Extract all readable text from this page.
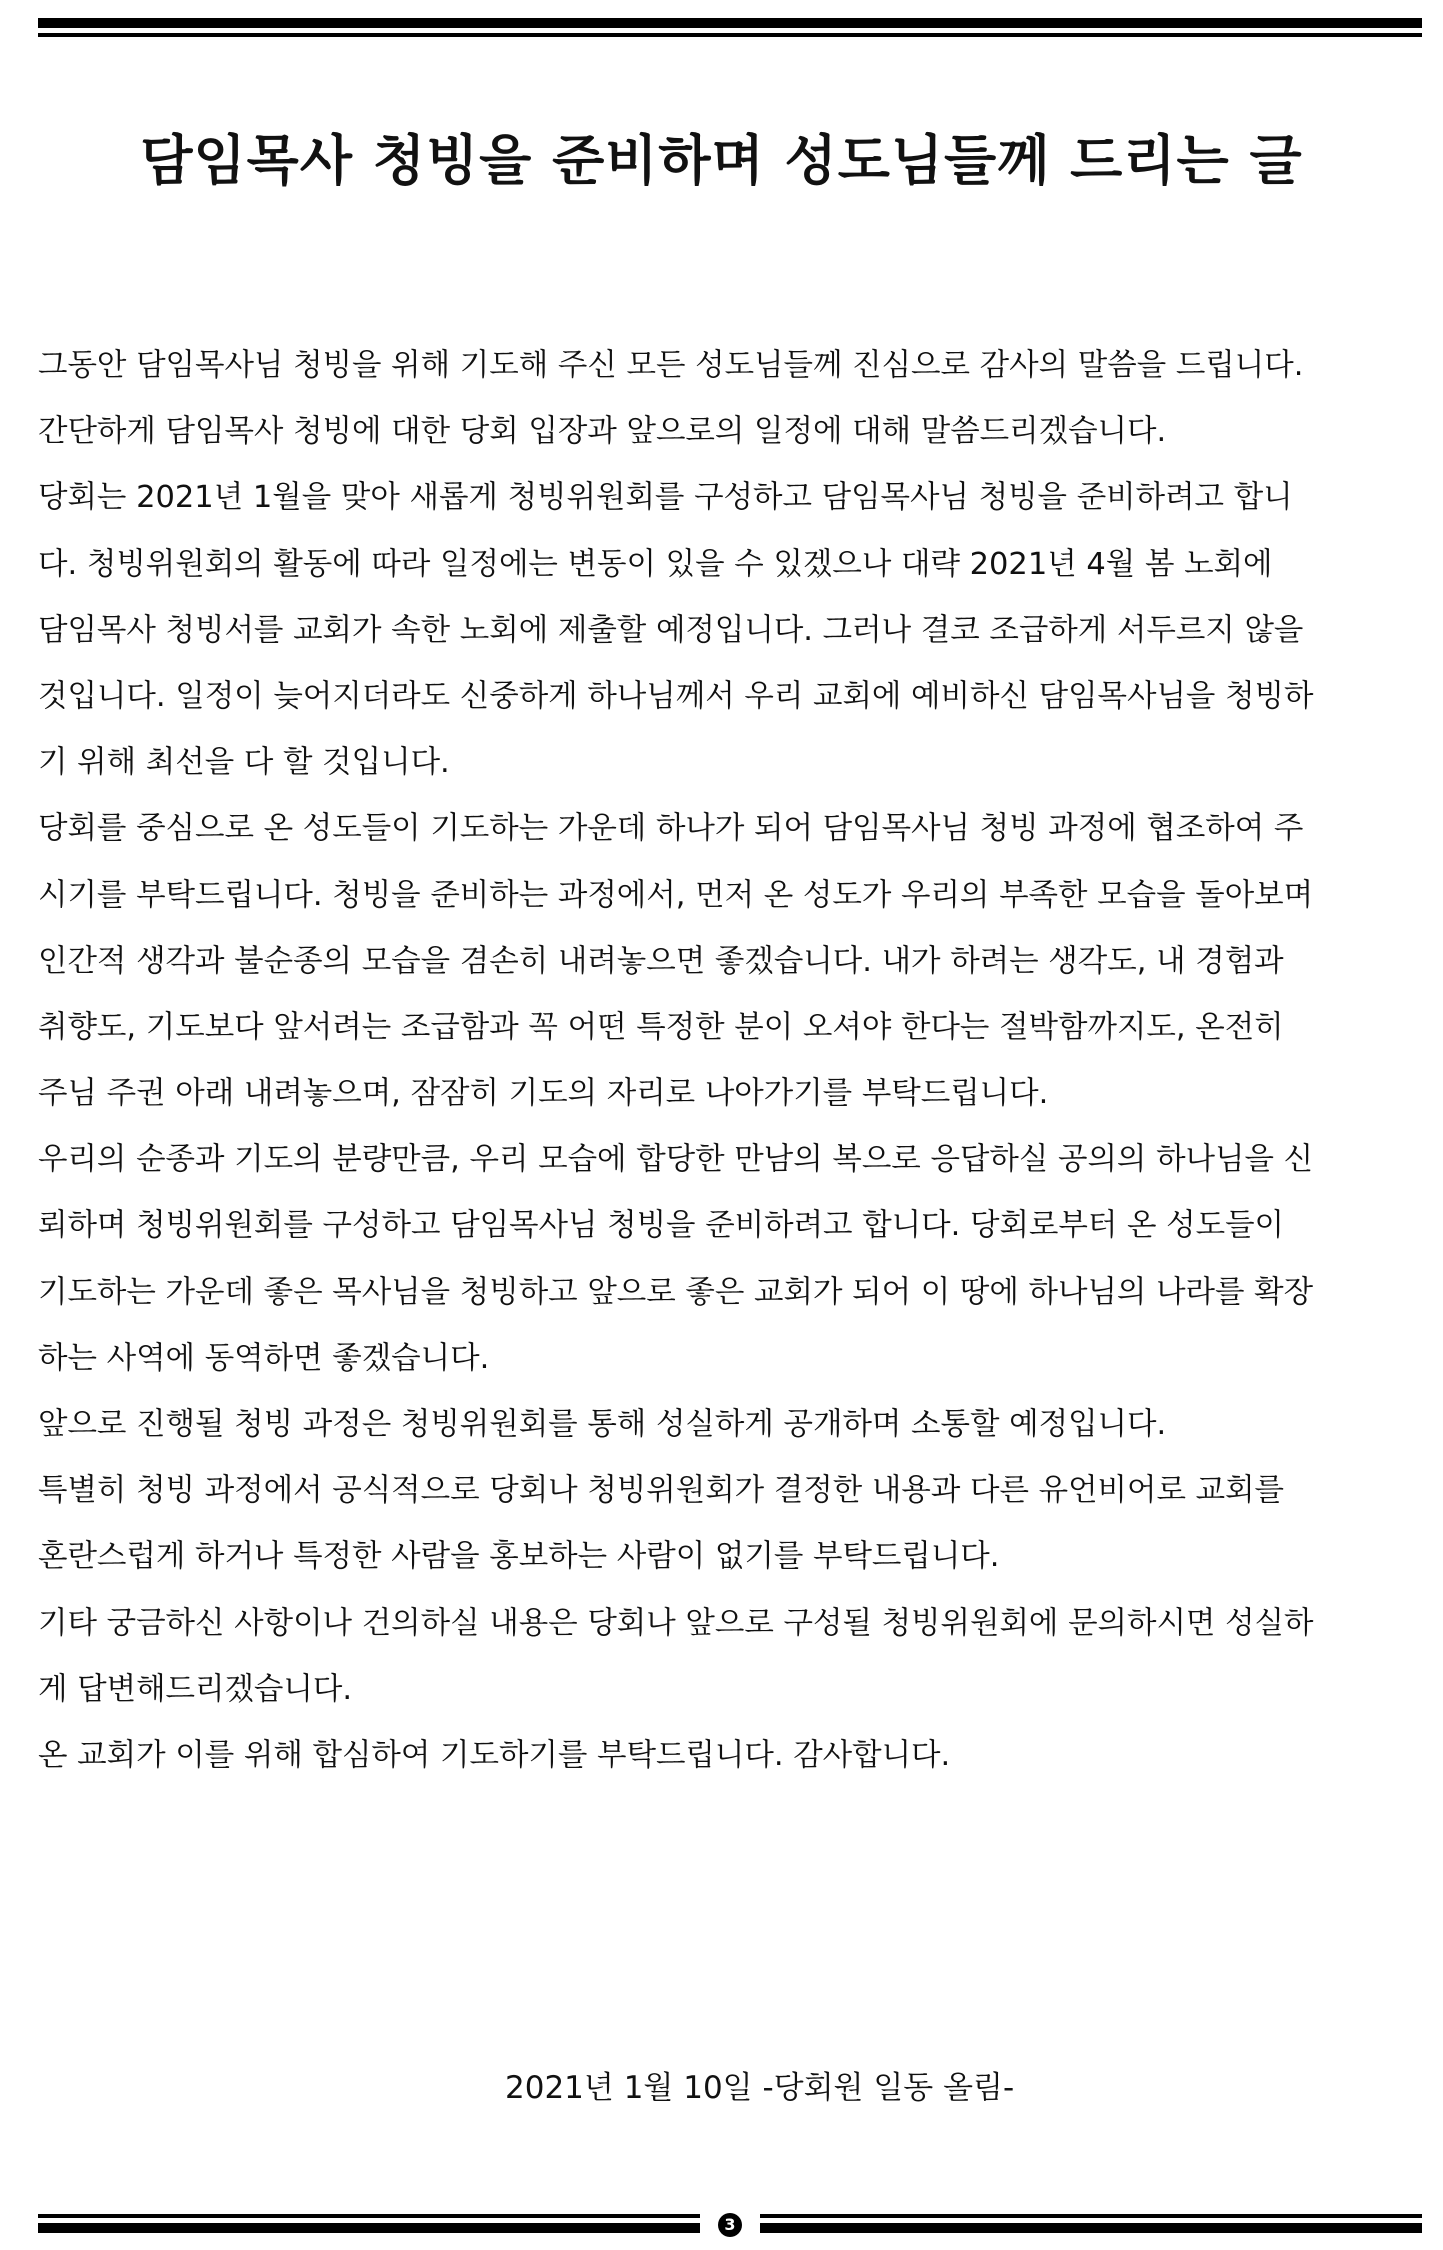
담임목사 청빙을 준비하며 성도님들께 드리는 글
그동안 담임목사님 청빙을 위해 기도해 주신 모든 성도님들께 진심으로 감사의 말씀을 드립니다.
간단하게 담임목사 청빙에 대한 당회 입장과 앞으로의 일정에 대해 말씀드리겠습니다.
당회는 2021년 1월을 맞아 새롭게 청빙위원회를 구성하고 담임목사님 청빙을 준비하려고 합니
다. 청빙위원회의 활동에 따라 일정에는 변동이 있을 수 있겠으나 대략 2021년 4월 봄 노회에
담임목사 청빙서를 교회가 속한 노회에 제출할 예정입니다. 그러나 결코 조급하게 서두르지 않을
것입니다. 일정이 늦어지더라도 신중하게 하나님께서 우리 교회에 예비하신 담임목사님을 청빙하
기 위해 최선을 다 할 것입니다.
당회를 중심으로 온 성도들이 기도하는 가운데 하나가 되어 담임목사님 청빙 과정에 협조하여 주
시기를 부탁드립니다. 청빙을 준비하는 과정에서, 먼저 온 성도가 우리의 부족한 모습을 돌아보며
인간적 생각과 불순종의 모습을 겸손히 내려놓으면 좋겠습니다. 내가 하려는 생각도, 내 경험과
취향도, 기도보다 앞서려는 조급함과 꼭 어떤 특정한 분이 오셔야 한다는 절박함까지도, 온전히
주님 주권 아래 내려놓으며, 잠잠히 기도의 자리로 나아가기를 부탁드립니다.
우리의 순종과 기도의 분량만큼, 우리 모습에 합당한 만남의 복으로 응답하실 공의의 하나님을 신
뢰하며 청빙위원회를 구성하고 담임목사님 청빙을 준비하려고 합니다. 당회로부터 온 성도들이
기도하는 가운데 좋은 목사님을 청빙하고 앞으로 좋은 교회가 되어 이 땅에 하나님의 나라를 확장
하는 사역에 동역하면 좋겠습니다.
앞으로 진행될 청빙 과정은 청빙위원회를 통해 성실하게 공개하며 소통할 예정입니다.
특별히 청빙 과정에서 공식적으로 당회나 청빙위원회가 결정한 내용과 다른 유언비어로 교회를
혼란스럽게 하거나 특정한 사람을 홍보하는 사람이 없기를 부탁드립니다.
기타 궁금하신 사항이나 건의하실 내용은 당회나 앞으로 구성될 청빙위원회에 문의하시면 성실하
게 답변해드리겠습니다.
온 교회가 이를 위해 합심하여 기도하기를 부탁드립니다. 감사합니다.

2021년 1월 10일 -당회원 일동 올림-

3
